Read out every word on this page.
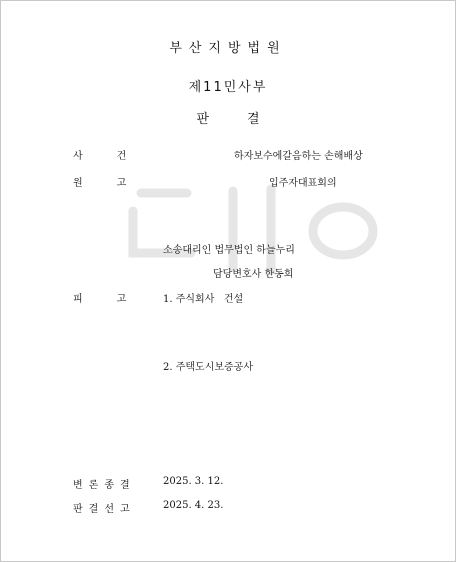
부산지방법원
제11민사부
판결
사	건	하자보수에갈음하는 손해배상
원	고	입주자대표회의
소송대리인 법무법인 하늘누리
담당변호사 한동희
피	고	1. 주식회사   건설
2. 주택도시보증공사
변 론 종 결	2025. 3. 12.
판 결 선 고	2025. 4. 23.
